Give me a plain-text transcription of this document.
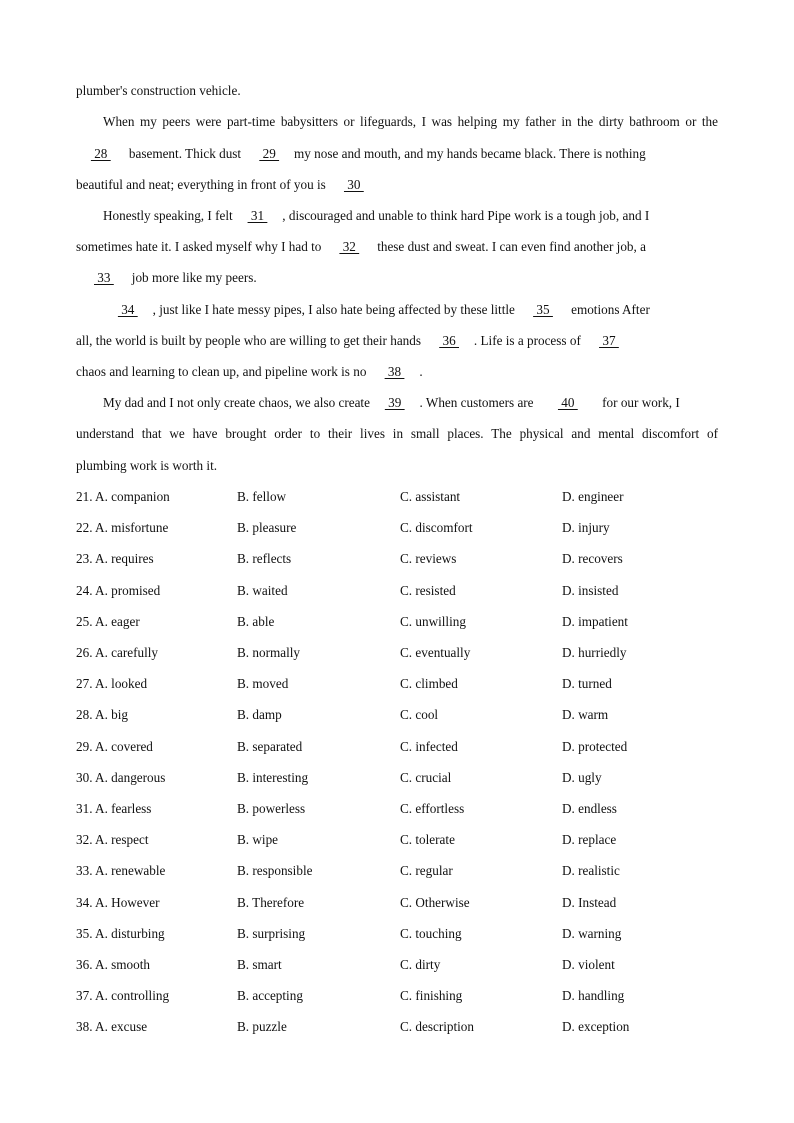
plumber's construction vehicle.
When my peers were part-time babysitters or lifeguards, I was helping my father in the dirty bathroom or the
28  basement. Thick dust  29 my nose and mouth, and my hands became black. There is nothing
beautiful and neat; everything in front of you is  30
Honestly speaking, I felt 31 , discouraged and unable to think hard Pipe work is a tough job, and I
sometimes hate it. I asked myself why I had to 32 these dust and sweat. I can even find another job, a
33 job more like my peers.
34 , just like I hate messy pipes, I also hate being affected by these little  35  emotions After
all, the world is built by people who are willing to get their hands  36 . Life is a process of  37
chaos and learning to clean up, and pipeline work is no  38 .
My dad and I not only create chaos, we also create 39 . When customers are  40  for our work, I
understand that we have brought order to their lives in small places. The physical and mental discomfort of
plumbing work is worth it.
21. A. companion	B. fellow	C. assistant	D. engineer
22. A. misfortune	B. pleasure	C. discomfort	D. injury
23. A. requires	B. reflects	C. reviews	D. recovers
24. A. promised	B. waited	C. resisted	D. insisted
25. A. eager	B. able	C. unwilling	D. impatient
26. A. carefully	B. normally	C. eventually	D. hurriedly
27. A. looked	B. moved	C. climbed	D. turned
28. A. big	B. damp	C. cool	D. warm
29. A. covered	B. separated	C. infected	D. protected
30. A. dangerous	B. interesting	C. crucial	D. ugly
31. A. fearless	B. powerless	C. effortless	D. endless
32. A. respect	B. wipe	C. tolerate	D. replace
33. A. renewable	B. responsible	C. regular	D. realistic
34. A. However	B. Therefore	C. Otherwise	D. Instead
35. A. disturbing	B. surprising	C. touching	D. warning
36. A. smooth	B. smart	C. dirty	D. violent
37. A. controlling	B. accepting	C. finishing	D. handling
38. A. excuse	B. puzzle	C. description	D. exception
